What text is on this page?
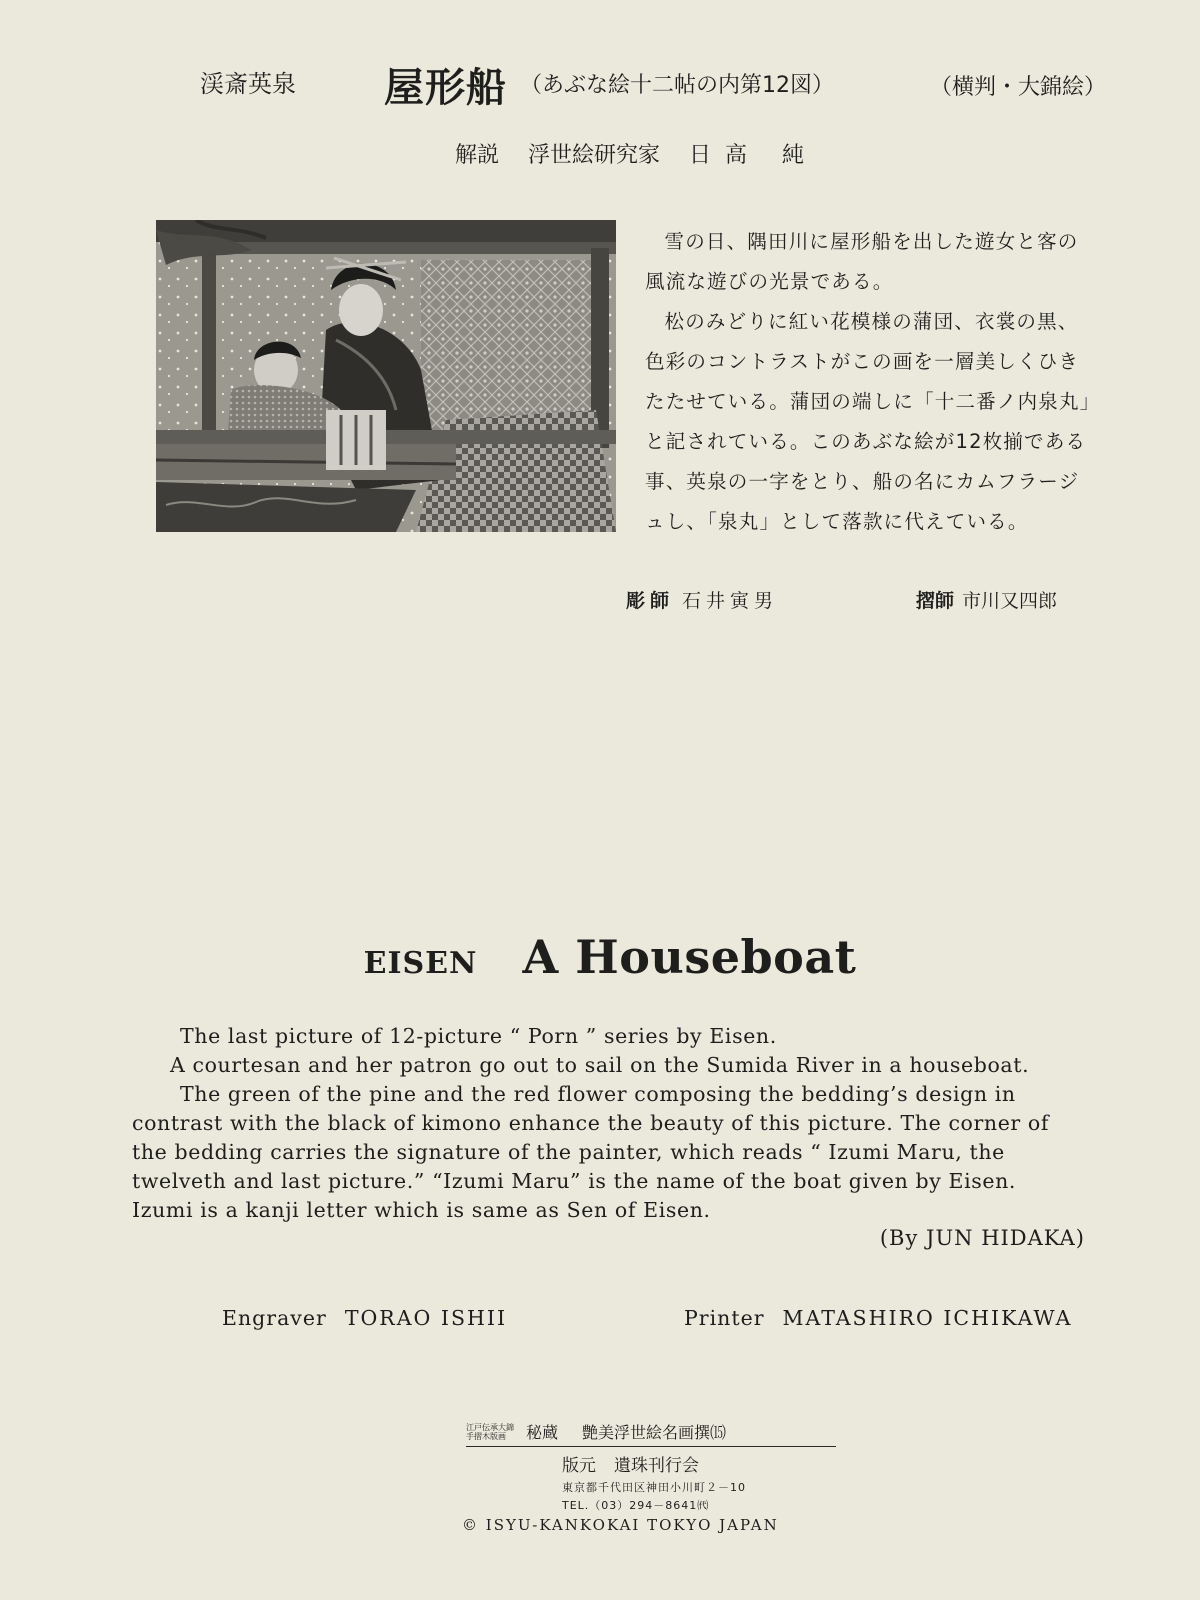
渓斎英泉 屋形船 （あぶな絵十二帖の内第12図）	（横判・大錦絵）
解説 浮世絵研究家 日高 純

雪の日、隅田川に屋形船を出した遊女と客の風流な遊びの光景である。

松のみどりに紅い花模様の蒲団、衣裳の黒、色彩のコントラストがこの画を一層美しくひきたたせている。蒲団の端しに「十二番ノ内泉丸」と記されている。このあぶな絵が12枚揃である事、英泉の一字をとり、船の名にカムフラージュし、「泉丸」として落款に代えている。

彫師 石井寅男	摺師 市川又四郎
EISEN A Houseboat

The last picture of 12-picture “ Porn ” series by Eisen.

A courtesan and her patron go out to sail on the Sumida River in a houseboat.

The green of the pine and the red flower composing the bedding’s design in contrast with the black of kimono enhance the beauty of this picture. The corner of the bedding carries the signature of the painter, which reads “ Izumi Maru, the twelveth and last picture.” “Izumi Maru” is the name of the boat given by Eisen. Izumi is a kanji letter which is same as Sen of Eisen.

(By JUN HIDAKA)
Engraver TORAO ISHII	Printer MATASHIRO ICHIKAWA
江戸伝承大錦
手摺木版画	秘蔵 艶美浮世絵名画撰⒂
版元 遺珠刊行会
東京都千代田区神田小川町２－10
TEL.（03）294－8641㈹
© ISYU-KANKOKAI TOKYO JAPAN
